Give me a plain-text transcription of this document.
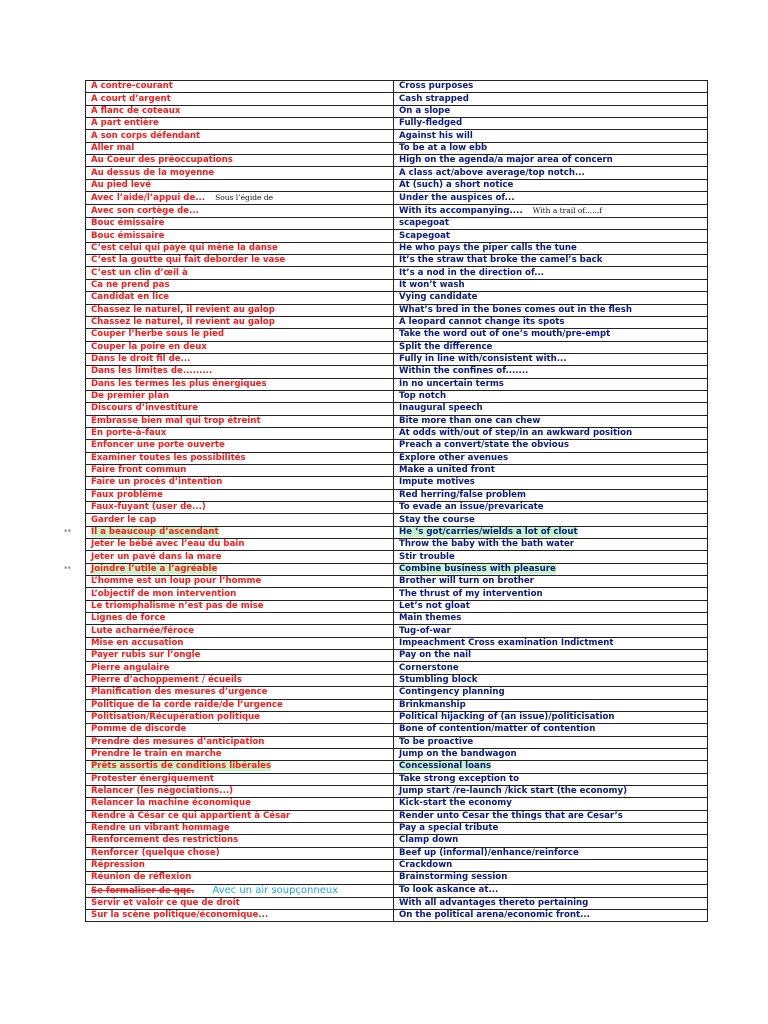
A contre-courant	Cross purposes
A court d’argent	Cash strapped
A flanc de coteaux	On a slope
A part entière	Fully-fledged
A son corps défendant	Against his will
Aller mal	To be at a low ebb
Au Coeur des préoccupations	High on the agenda/a major area of concern
Au dessus de la moyenne	A class act/above average/top notch...
Au pied levé	At (such) a short notice
Avec l’aide/l’appui de... Sous l’égide de	Under the auspices of...
Avec son cortège de...	With its accompanying.... With a trail of......f
Bouc émissaire	scapegoat
Bouc émissaire	Scapegoat
C’est celui qui paye qui mène la danse	He who pays the piper calls the tune
C’est la goutte qui fait deborder le vase	It’s the straw that broke the camel’s back
C’est un clin d’œil à	It’s a nod in the direction of...
Ca ne prend pas	It won’t wash
Candidat en lice	Vying candidate
Chassez le naturel, il revient au galop	What’s bred in the bones comes out in the flesh
Chassez le naturel, il revient au galop	A leopard cannot change its spots
Couper l’herbe sous le pied	Take the word out of one’s mouth/pre-empt
Couper la poire en deux	Split the difference
Dans le droit fil de...	Fully in line with/consistent with...
Dans les limites de.........	Within the confines of.......
Dans les termes les plus énergiques	In no uncertain terms
De premier plan	Top notch
Discours d’investiture	Inaugural speech
Embrasse bien mal qui trop étreint	Bite more than one can chew
En porte-à-faux	At odds with/out of step/in an awkward position
Enfoncer une porte ouverte	Preach a convert/state the obvious
Examiner toutes les possibilités	Explore other avenues
Faire front commun	Make a united front
Faire un procès d’intention	Impute motives
Faux problème	Red herring/false problem
Faux-fuyant (user de...)	To evade an issue/prevaricate
Garder le cap	Stay the course

** Il a beaucoup d’ascendant	He ‘s got/carries/wields a lot of clout
Jeter le bébé avec l’eau du bain	Throw the baby with the bath water
Jeter un pavé dans la mare	Stir trouble

** Joindre l’utile a l’agréable	Combine business with pleasure
L’homme est un loup pour l’homme	Brother will turn on brother
L’objectif de mon intervention	The thrust of my intervention
Le triomphalisme n’est pas de mise	Let’s not gloat
Lignes de force	Main themes
Lute acharnée/féroce	Tug-of-war
Mise en accusation	Impeachment Cross examination Indictment
Payer rubis sur l’ongle	Pay on the nail
Pierre angulaire	Cornerstone
Pierre d’achoppement / écueils	Stumbling block
Planification des mesures d’urgence	Contingency planning
Politique de la corde raide/de l’urgence	Brinkmanship
Politisation/Récupération politique	Political hijacking of (an issue)/politicisation
Pomme de discorde	Bone of contention/matter of contention
Prendre des mesures d’anticipation	To be proactive
Prendre le train en marche	Jump on the bandwagon
Prêts assortis de conditions libérales	Concessional loans
Protester énergiquement	Take strong exception to
Relancer (les négociations...)	Jump start /re-launch /kick start (the economy)
Relancer la machine économique	Kick-start the economy
Rendre à César ce qui appartient à César	Render unto Cesar the things that are Cesar’s
Rendre un vibrant hommage	Pay a special tribute
Renforcement des restrictions	Clamp down
Renforcer (quelque chose)	Beef up (informal)/enhance/reinforce
Répression	Crackdown
Réunion de réflexion	Brainstorming session
Se formaliser de qqc. Avec un air soupçonneux	To look askance at...
Servir et valoir ce que de droit	With all advantages thereto pertaining
Sur la scène politique/économique...	On the political arena/economic front...
